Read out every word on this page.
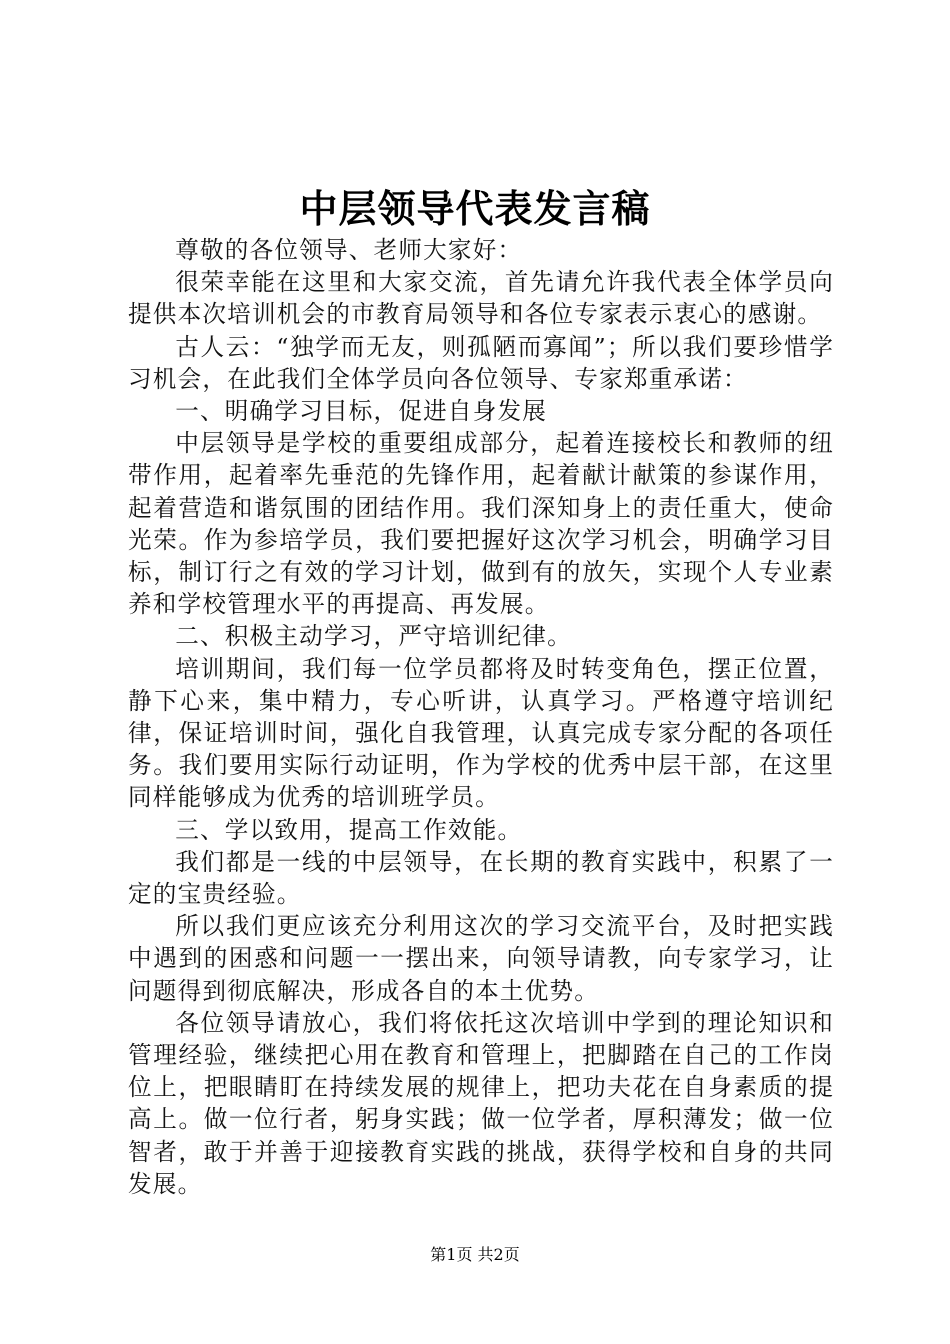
中层领导代表发言稿

尊敬的各位领导、老师大家好：

很荣幸能在这里和大家交流，首先请允许我代表全体学员向提供本次培训机会的市教育局领导和各位专家表示衷心的感谢。

古人云：“独学而无友，则孤陋而寡闻”；所以我们要珍惜学习机会，在此我们全体学员向各位领导、专家郑重承诺：

一、明确学习目标，促进自身发展

中层领导是学校的重要组成部分，起着连接校长和教师的纽带作用，起着率先垂范的先锋作用，起着献计献策的参谋作用，起着营造和谐氛围的团结作用。我们深知身上的责任重大，使命光荣。作为参培学员，我们要把握好这次学习机会，明确学习目标，制订行之有效的学习计划，做到有的放矢，实现个人专业素养和学校管理水平的再提高、再发展。

二、积极主动学习，严守培训纪律。

培训期间，我们每一位学员都将及时转变角色，摆正位置，静下心来，集中精力，专心听讲，认真学习。严格遵守培训纪律，保证培训时间，强化自我管理，认真完成专家分配的各项任务。我们要用实际行动证明，作为学校的优秀中层干部，在这里同样能够成为优秀的培训班学员。

三、学以致用，提高工作效能。

我们都是一线的中层领导，在长期的教育实践中，积累了一定的宝贵经验。

所以我们更应该充分利用这次的学习交流平台，及时把实践中遇到的困惑和问题一一摆出来，向领导请教，向专家学习，让问题得到彻底解决，形成各自的本土优势。

各位领导请放心，我们将依托这次培训中学到的理论知识和管理经验，继续把心用在教育和管理上，把脚踏在自己的工作岗位上，把眼睛盯在持续发展的规律上，把功夫花在自身素质的提高上。做一位行者，躬身实践；做一位学者，厚积薄发；做一位智者，敢于并善于迎接教育实践的挑战，获得学校和自身的共同发展。

第1页 共2页
